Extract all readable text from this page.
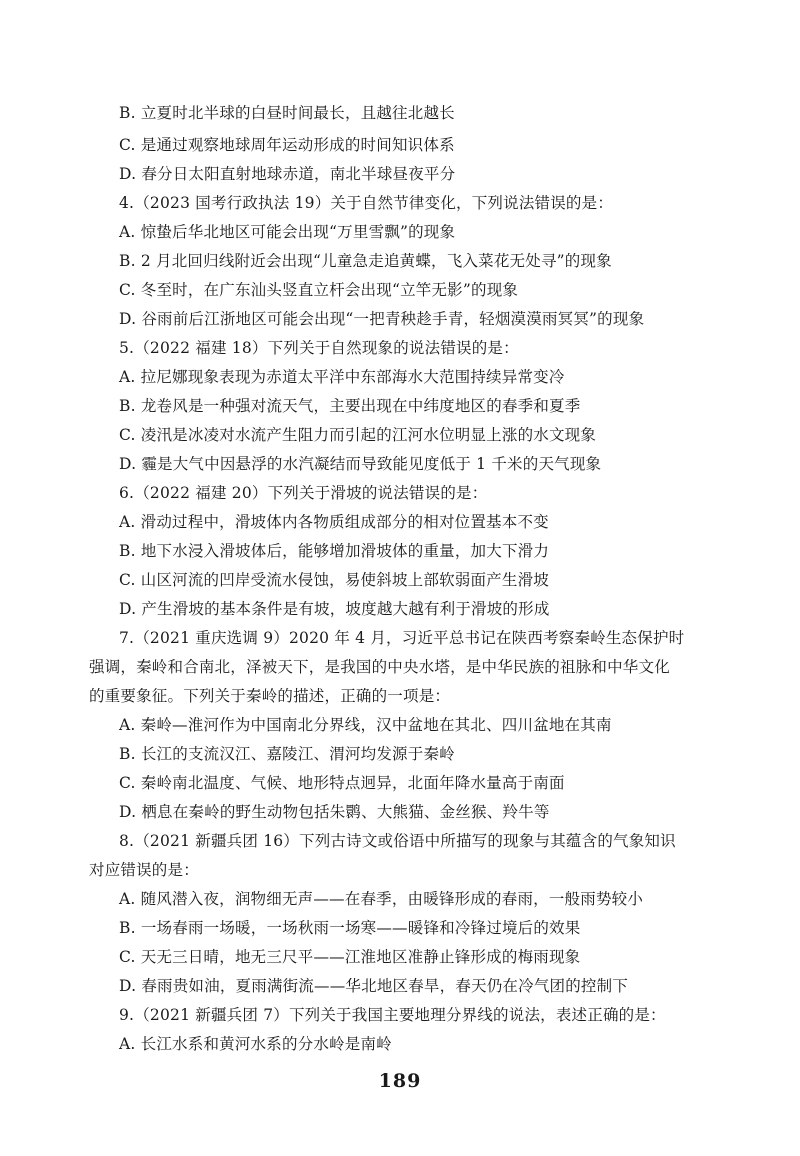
B. 立夏时北半球的白昼时间最长，且越往北越长
C. 是通过观察地球周年运动形成的时间知识体系
D. 春分日太阳直射地球赤道，南北半球昼夜平分
4.（2023 国考行政执法 19）关于自然节律变化，下列说法错误的是：
A. 惊蛰后华北地区可能会出现“万里雪飘”的现象
B. 2 月北回归线附近会出现“儿童急走追黄蝶，飞入菜花无处寻”的现象
C. 冬至时，在广东汕头竖直立杆会出现“立竿无影”的现象
D. 谷雨前后江浙地区可能会出现“一把青秧趁手青，轻烟漠漠雨冥冥”的现象
5.（2022 福建 18）下列关于自然现象的说法错误的是：
A. 拉尼娜现象表现为赤道太平洋中东部海水大范围持续异常变冷
B. 龙卷风是一种强对流天气，主要出现在中纬度地区的春季和夏季
C. 凌汛是冰凌对水流产生阻力而引起的江河水位明显上涨的水文现象
D. 霾是大气中因悬浮的水汽凝结而导致能见度低于 1 千米的天气现象
6.（2022 福建 20）下列关于滑坡的说法错误的是：
A. 滑动过程中，滑坡体内各物质组成部分的相对位置基本不变
B. 地下水浸入滑坡体后，能够增加滑坡体的重量，加大下滑力
C. 山区河流的凹岸受流水侵蚀，易使斜坡上部软弱面产生滑坡
D. 产生滑坡的基本条件是有坡，坡度越大越有利于滑坡的形成
7.（2021 重庆选调 9）2020 年 4 月，习近平总书记在陕西考察秦岭生态保护时
强调，秦岭和合南北，泽被天下，是我国的中央水塔，是中华民族的祖脉和中华文化
的重要象征。下列关于秦岭的描述，正确的一项是：
A. 秦岭—淮河作为中国南北分界线，汉中盆地在其北、四川盆地在其南
B. 长江的支流汉江、嘉陵江、渭河均发源于秦岭
C. 秦岭南北温度、气候、地形特点迥异，北面年降水量高于南面
D. 栖息在秦岭的野生动物包括朱鹮、大熊猫、金丝猴、羚牛等
8.（2021 新疆兵团 16）下列古诗文或俗语中所描写的现象与其蕴含的气象知识
对应错误的是：
A. 随风潜入夜，润物细无声——在春季，由暖锋形成的春雨，一般雨势较小
B. 一场春雨一场暖，一场秋雨一场寒——暖锋和冷锋过境后的效果
C. 天无三日晴，地无三尺平——江淮地区准静止锋形成的梅雨现象
D. 春雨贵如油，夏雨满街流——华北地区春旱，春天仍在冷气团的控制下
9.（2021 新疆兵团 7）下列关于我国主要地理分界线的说法，表述正确的是：
A. 长江水系和黄河水系的分水岭是南岭
189
